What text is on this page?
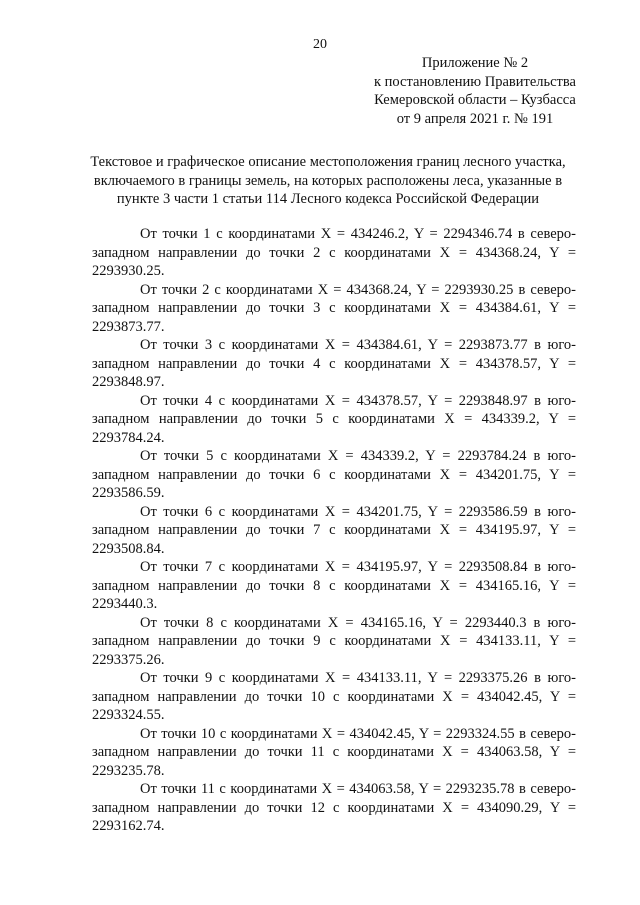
20
Приложение № 2
к постановлению Правительства
Кемеровской области – Кузбасса
от 9 апреля 2021 г. № 191
Текстовое и графическое описание местоположения границ лесного участка,
включаемого в границы земель, на которых расположены леса, указанные в
пункте 3 части 1 статьи 114 Лесного кодекса Российской Федерации

От точки 1 с координатами X = 434246.2, Y = 2294346.74 в северо-западном направлении до точки 2 с координатами X = 434368.24, Y = 2293930.25.

От точки 2 с координатами X = 434368.24, Y = 2293930.25 в северо-западном направлении до точки 3 с координатами X = 434384.61, Y = 2293873.77.

От точки 3 с координатами X = 434384.61, Y = 2293873.77 в юго-западном направлении до точки 4 с координатами X = 434378.57, Y = 2293848.97.

От точки 4 с координатами X = 434378.57, Y = 2293848.97 в юго-западном направлении до точки 5 с координатами X = 434339.2, Y = 2293784.24.

От точки 5 с координатами X = 434339.2, Y = 2293784.24 в юго-западном направлении до точки 6 с координатами X = 434201.75, Y = 2293586.59.

От точки 6 с координатами X = 434201.75, Y = 2293586.59 в юго-западном направлении до точки 7 с координатами X = 434195.97, Y = 2293508.84.

От точки 7 с координатами X = 434195.97, Y = 2293508.84 в юго-западном направлении до точки 8 с координатами X = 434165.16, Y = 2293440.3.

От точки 8 с координатами X = 434165.16, Y = 2293440.3 в юго-западном направлении до точки 9 с координатами X = 434133.11, Y = 2293375.26.

От точки 9 с координатами X = 434133.11, Y = 2293375.26 в юго-западном направлении до точки 10 с координатами X = 434042.45, Y = 2293324.55.

От точки 10 с координатами X = 434042.45, Y = 2293324.55 в северо-западном направлении до точки 11 с координатами X = 434063.58, Y = 2293235.78.

От точки 11 с координатами X = 434063.58, Y = 2293235.78 в северо-западном направлении до точки 12 с координатами X = 434090.29, Y = 2293162.74.
